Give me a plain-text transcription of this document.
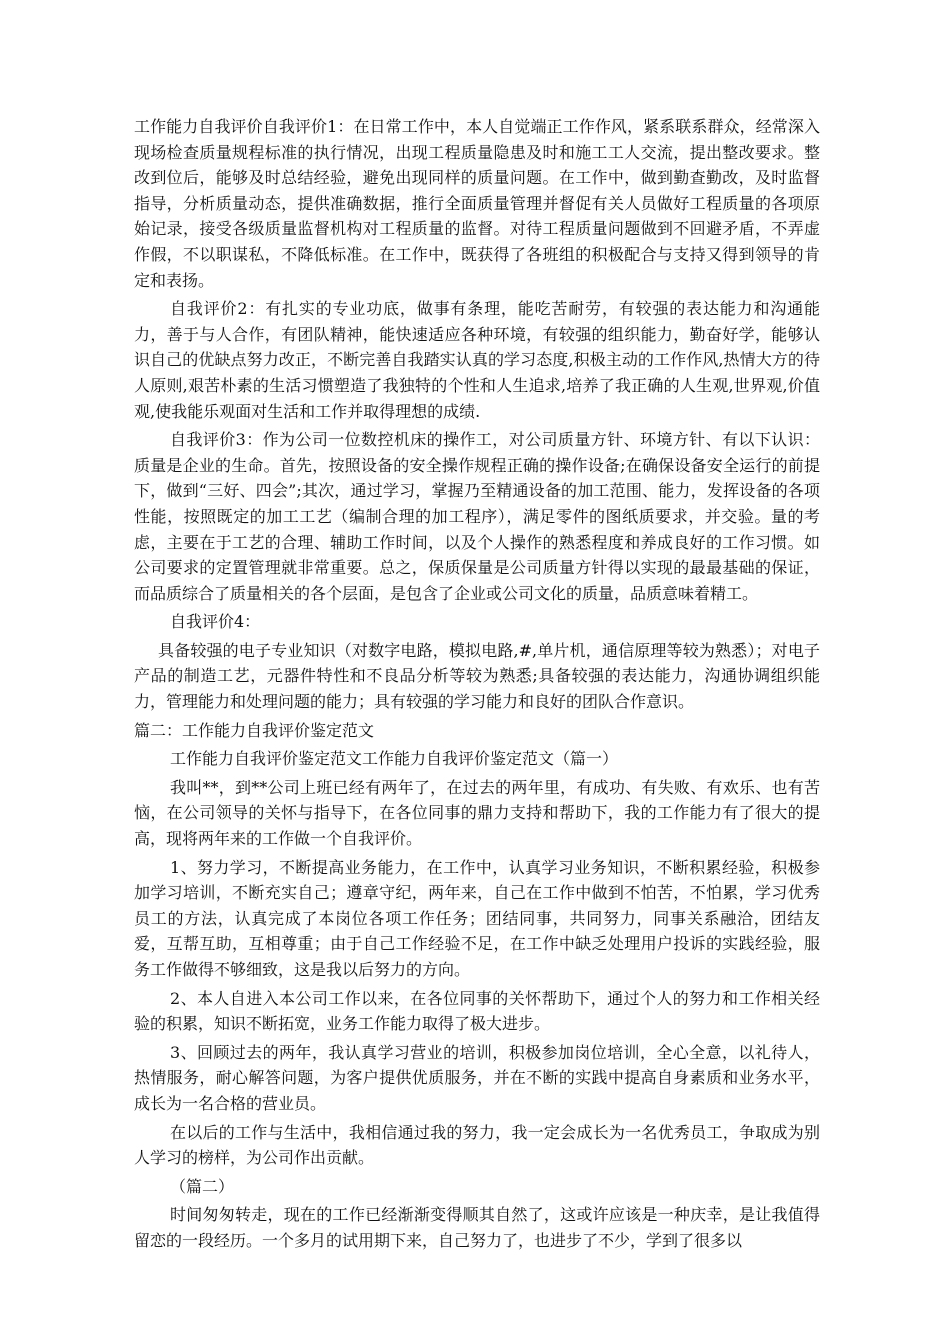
工作能力自我评价自我评价1：在日常工作中，本人自觉端正工作作风，紧系联系群众，经常深入现场检查质量规程标准的执行情况，出现工程质量隐患及时和施工工人交流，提出整改要求。整改到位后，能够及时总结经验，避免出现同样的质量问题。在工作中，做到勤查勤改，及时监督指导，分析质量动态，提供准确数据，推行全面质量管理并督促有关人员做好工程质量的各项原始记录，接受各级质量监督机构对工程质量的监督。对待工程质量问题做到不回避矛盾，不弄虚作假，不以职谋私，不降低标准。在工作中，既获得了各班组的积极配合与支持又得到领导的肯定和表扬。

自我评价2：有扎实的专业功底，做事有条理，能吃苦耐劳，有较强的表达能力和沟通能力，善于与人合作，有团队精神，能快速适应各种环境，有较强的组织能力，勤奋好学，能够认识自己的优缺点努力改正，不断完善自我踏实认真的学习态度,积极主动的工作作风,热情大方的待人原则,艰苦朴素的生活习惯塑造了我独特的个性和人生追求,培养了我正确的人生观,世界观,价值观,使我能乐观面对生活和工作并取得理想的成绩.

自我评价3：作为公司一位数控机床的操作工，对公司质量方针、环境方针、有以下认识：质量是企业的生命。首先，按照设备的安全操作规程正确的操作设备;在确保设备安全运行的前提下，做到“三好、四会”;其次，通过学习，掌握乃至精通设备的加工范围、能力，发挥设备的各项性能，按照既定的加工工艺（编制合理的加工程序），满足零件的图纸质要求，并交验。量的考虑，主要在于工艺的合理、辅助工作时间，以及个人操作的熟悉程度和养成良好的工作习惯。如公司要求的定置管理就非常重要。总之，保质保量是公司质量方针得以实现的最最基础的保证，而品质综合了质量相关的各个层面，是包含了企业或公司文化的质量，品质意味着精工。

自我评价4：

具备较强的电子专业知识（对数字电路，模拟电路,#,单片机，通信原理等较为熟悉）；对电子产品的制造工艺，元器件特性和不良品分析等较为熟悉;具备较强的表达能力，沟通协调组织能力，管理能力和处理问题的能力；具有较强的学习能力和良好的团队合作意识。

篇二：工作能力自我评价鉴定范文

工作能力自我评价鉴定范文工作能力自我评价鉴定范文（篇一）

我叫**，到**公司上班已经有两年了，在过去的两年里，有成功、有失败、有欢乐、也有苦恼，在公司领导的关怀与指导下，在各位同事的鼎力支持和帮助下，我的工作能力有了很大的提高，现将两年来的工作做一个自我评价。

1、努力学习，不断提高业务能力，在工作中，认真学习业务知识，不断积累经验，积极参加学习培训，不断充实自己；遵章守纪，两年来，自己在工作中做到不怕苦，不怕累，学习优秀员工的方法，认真完成了本岗位各项工作任务；团结同事，共同努力，同事关系融洽，团结友爱，互帮互助，互相尊重；由于自己工作经验不足，在工作中缺乏处理用户投诉的实践经验，服务工作做得不够细致，这是我以后努力的方向。

2、本人自进入本公司工作以来，在各位同事的关怀帮助下，通过个人的努力和工作相关经验的积累，知识不断拓宽，业务工作能力取得了极大进步。

3、回顾过去的两年，我认真学习营业的培训，积极参加岗位培训，全心全意，以礼待人，热情服务，耐心解答问题，为客户提供优质服务，并在不断的实践中提高自身素质和业务水平，成长为一名合格的营业员。

在以后的工作与生活中，我相信通过我的努力，我一定会成长为一名优秀员工，争取成为别人学习的榜样，为公司作出贡献。

（篇二）

时间匆匆转走，现在的工作已经渐渐变得顺其自然了，这或许应该是一种庆幸，是让我值得留恋的一段经历。一个多月的试用期下来，自己努力了，也进步了不少，学到了很多以
